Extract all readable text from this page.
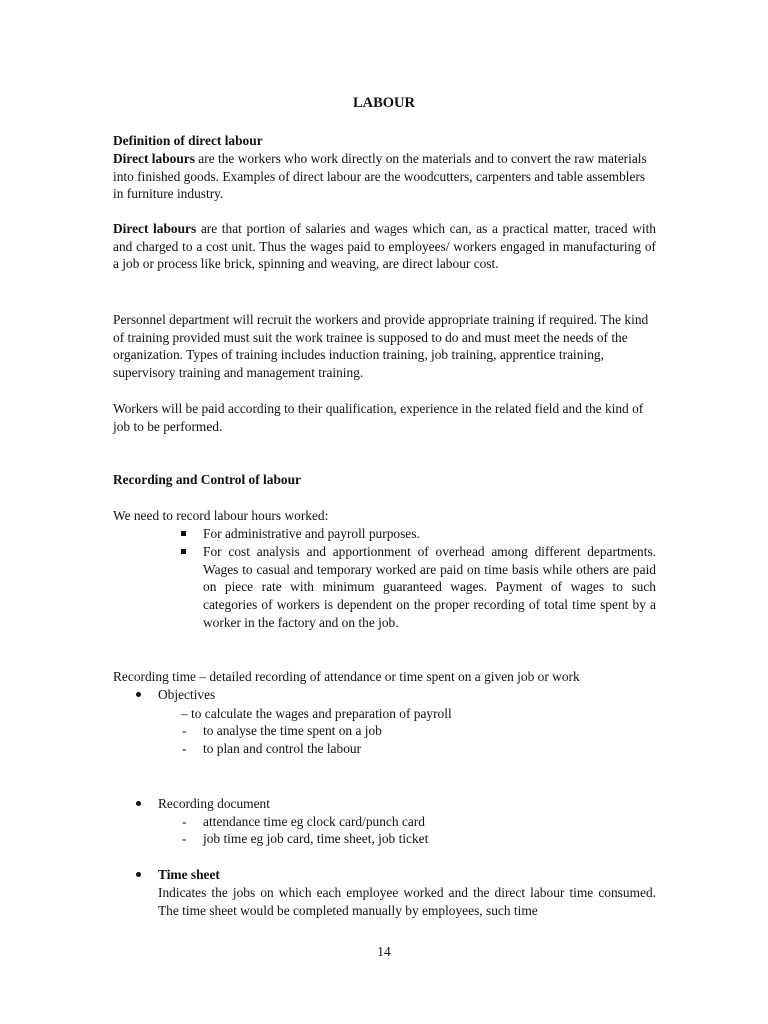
LABOUR
Definition of direct labour

Direct labours are the workers who work directly on the materials and to convert the raw materials into finished goods. Examples of direct labour are the woodcutters, carpenters and table assemblers in furniture industry.

Direct labours are that portion of salaries and wages which can, as a practical matter, traced with and charged to a cost unit. Thus the wages paid to employees/ workers engaged in manufacturing of a job or process like brick, spinning and weaving, are direct labour cost.

Personnel department will recruit the workers and provide appropriate training if required. The kind of training provided must suit the work trainee is supposed to do and must meet the needs of the organization. Types of training includes induction training, job training, apprentice training, supervisory training and management training.

Workers will be paid according to their qualification, experience in the related field and the kind of job to be performed.

Recording and Control of labour
We need to record labour hours worked:
For administrative and payroll purposes.
For cost analysis and apportionment of overhead among different departments. Wages to casual and temporary worked are paid on time basis while others are paid on piece rate with minimum guaranteed wages. Payment of wages to such categories of workers is dependent on the proper recording of total time spent by a worker in the factory and on the job.
Recording time – detailed recording of attendance or time spent on a given job or work
Objectives
– to calculate the wages and preparation of payroll
- to analyse the time spent on a job
- to plan and control the labour
Recording document
- attendance time eg clock card/punch card
- job time eg job card, time sheet, job ticket
Time sheet

Indicates the jobs on which each employee worked and the direct labour time consumed. The time sheet would be completed manually by employees, such time

14
